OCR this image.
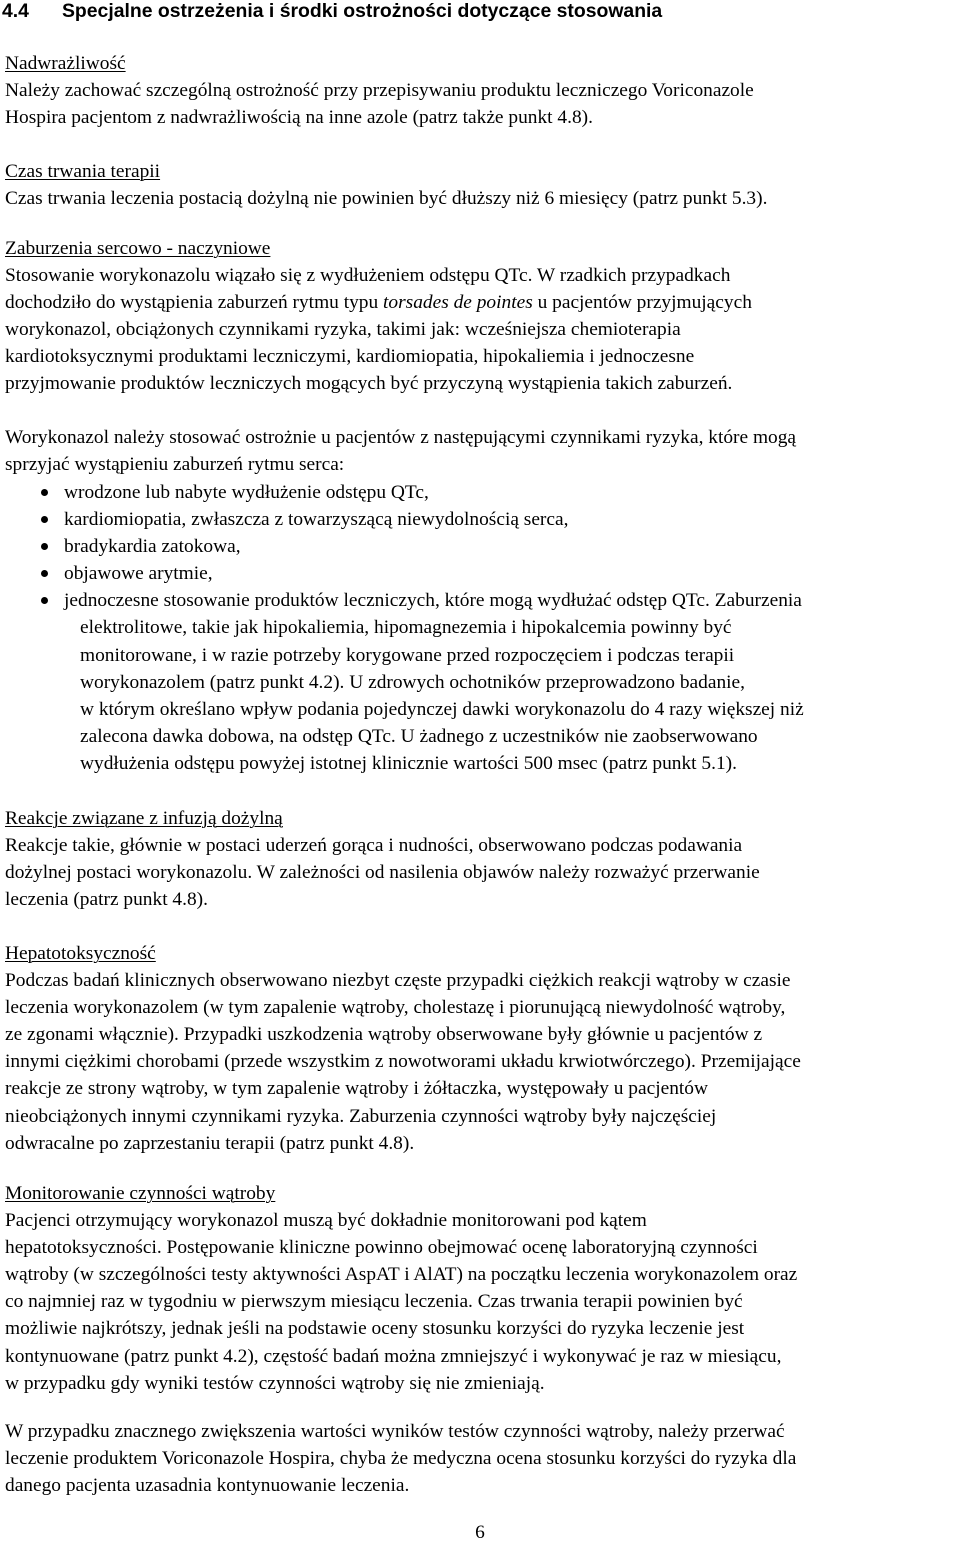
4.4 Specjalne ostrzeżenia i środki ostrożności dotyczące stosowania
Nadwrażliwość
Należy zachować szczególną ostrożność przy przepisywaniu produktu leczniczego Voriconazole
Hospira pacjentom z nadwrażliwością na inne azole (patrz także punkt 4.8).
Czas trwania terapii
Czas trwania leczenia postacią dożylną nie powinien być dłuższy niż 6 miesięcy (patrz punkt 5.3).
Zaburzenia sercowo - naczyniowe
Stosowanie worykonazolu wiązało się z wydłużeniem odstępu QTc. W rzadkich przypadkach
dochodziło do wystąpienia zaburzeń rytmu typu torsades de pointes u pacjentów przyjmujących
worykonazol, obciążonych czynnikami ryzyka, takimi jak: wcześniejsza chemioterapia
kardiotoksycznymi produktami leczniczymi, kardiomiopatia, hipokaliemia i jednoczesne
przyjmowanie produktów leczniczych mogących być przyczyną wystąpienia takich zaburzeń.
Worykonazol należy stosować ostrożnie u pacjentów z następującymi czynnikami ryzyka, które mogą
sprzyjać wystąpieniu zaburzeń rytmu serca:
wrodzone lub nabyte wydłużenie odstępu QTc,
kardiomiopatia, zwłaszcza z towarzyszącą niewydolnością serca,
bradykardia zatokowa,
objawowe arytmie,
jednoczesne stosowanie produktów leczniczych, które mogą wydłużać odstęp QTc. Zaburzenia
elektrolitowe, takie jak hipokaliemia, hipomagnezemia i hipokalcemia powinny być
monitorowane, i w razie potrzeby korygowane przed rozpoczęciem i podczas terapii
worykonazolem (patrz punkt 4.2). U zdrowych ochotników przeprowadzono badanie,
w którym określano wpływ podania pojedynczej dawki worykonazolu do 4 razy większej niż
zalecona dawka dobowa, na odstęp QTc. U żadnego z uczestników nie zaobserwowano
wydłużenia odstępu powyżej istotnej klinicznie wartości 500 msec (patrz punkt 5.1).
Reakcje związane z infuzją dożylną
Reakcje takie, głównie w postaci uderzeń gorąca i nudności, obserwowano podczas podawania
dożylnej postaci worykonazolu. W zależności od nasilenia objawów należy rozważyć przerwanie
leczenia (patrz punkt 4.8).
Hepatotoksyczność
Podczas badań klinicznych obserwowano niezbyt częste przypadki ciężkich reakcji wątroby w czasie
leczenia worykonazolem (w tym zapalenie wątroby, cholestazę i piorunującą niewydolność wątroby,
ze zgonami włącznie). Przypadki uszkodzenia wątroby obserwowane były głównie u pacjentów z
innymi ciężkimi chorobami (przede wszystkim z nowotworami układu krwiotwórczego). Przemijające
reakcje ze strony wątroby, w tym zapalenie wątroby i żółtaczka, występowały u pacjentów
nieobciążonych innymi czynnikami ryzyka. Zaburzenia czynności wątroby były najczęściej
odwracalne po zaprzestaniu terapii (patrz punkt 4.8).
Monitorowanie czynności wątroby
Pacjenci otrzymujący worykonazol muszą być dokładnie monitorowani pod kątem
hepatotoksyczności. Postępowanie kliniczne powinno obejmować ocenę laboratoryjną czynności
wątroby (w szczególności testy aktywności AspAT i AlAT) na początku leczenia worykonazolem oraz
co najmniej raz w tygodniu w pierwszym miesiącu leczenia. Czas trwania terapii powinien być
możliwie najkrótszy, jednak jeśli na podstawie oceny stosunku korzyści do ryzyka leczenie jest
kontynuowane (patrz punkt 4.2), częstość badań można zmniejszyć i wykonywać je raz w miesiącu,
w przypadku gdy wyniki testów czynności wątroby się nie zmieniają.
W przypadku znacznego zwiększenia wartości wyników testów czynności wątroby, należy przerwać
leczenie produktem Voriconazole Hospira, chyba że medyczna ocena stosunku korzyści do ryzyka dla
danego pacjenta uzasadnia kontynuowanie leczenia.
6
